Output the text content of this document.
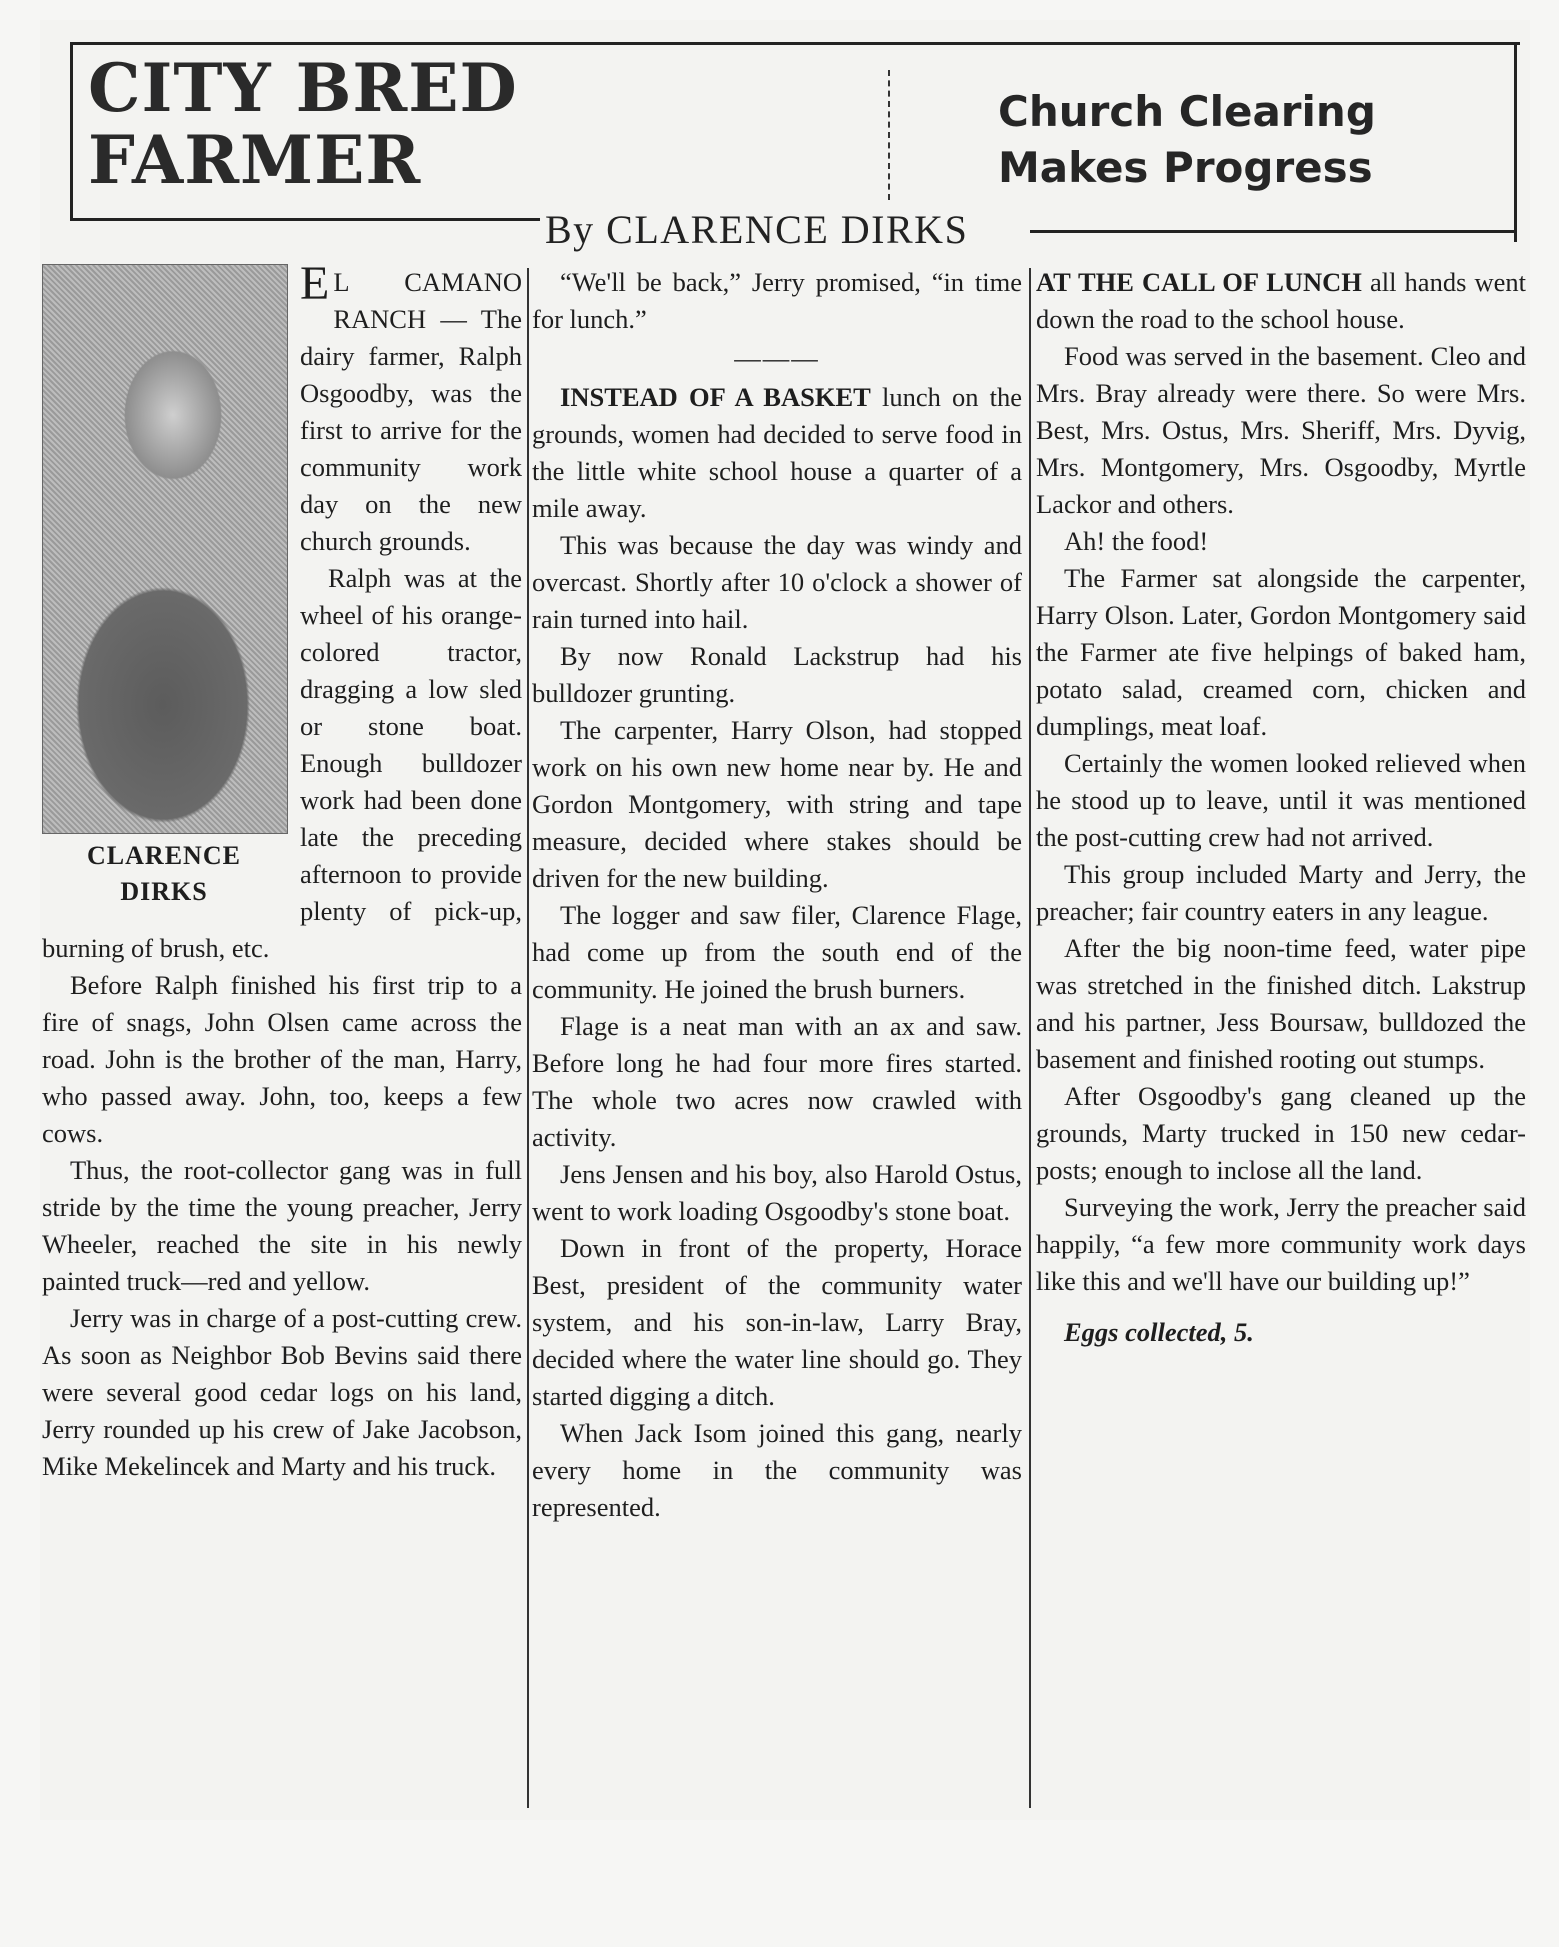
CITY BRED FARMER
Church Clearing Makes Progress
By CLARENCE DIRKS
CLARENCE DIRKS

E L CAMANO RANCH — The dairy farmer, Ralph Osgoodby, was the first to arrive for the community work day on the new church grounds.

Ralph was at the wheel of his orange-colored tractor, dragging a low sled or stone boat. Enough bulldozer work had been done late the preceding afternoon to provide plenty of pick-up, burning of brush, etc.

Before Ralph finished his first trip to a fire of snags, John Olsen came across the road. John is the brother of the man, Harry, who passed away. John, too, keeps a few cows.

Thus, the root-collector gang was in full stride by the time the young preacher, Jerry Wheeler, reached the site in his newly painted truck—red and yellow.

Jerry was in charge of a post-cutting crew. As soon as Neighbor Bob Bevins said there were several good cedar logs on his land, Jerry rounded up his crew of Jake Jacobson, Mike Mekelincek and Marty and his truck.

“We'll be back,” Jerry promised, “in time for lunch.”

———

INSTEAD OF A BASKET lunch on the grounds, women had decided to serve food in the little white school house a quarter of a mile away.

This was because the day was windy and overcast. Shortly after 10 o'clock a shower of rain turned into hail.

By now Ronald Lackstrup had his bulldozer grunting.

The carpenter, Harry Olson, had stopped work on his own new home near by. He and Gordon Montgomery, with string and tape measure, decided where stakes should be driven for the new building.

The logger and saw filer, Clarence Flage, had come up from the south end of the community. He joined the brush burners.

Flage is a neat man with an ax and saw. Before long he had four more fires started. The whole two acres now crawled with activity.

Jens Jensen and his boy, also Harold Ostus, went to work loading Osgoodby's stone boat.

Down in front of the property, Horace Best, president of the community water system, and his son-in-law, Larry Bray, decided where the water line should go. They started digging a ditch.

When Jack Isom joined this gang, nearly every home in the community was represented.

AT THE CALL OF LUNCH all hands went down the road to the school house.

Food was served in the basement. Cleo and Mrs. Bray already were there. So were Mrs. Best, Mrs. Ostus, Mrs. Sheriff, Mrs. Dyvig, Mrs. Montgomery, Mrs. Osgoodby, Myrtle Lackor and others.

Ah! the food!

The Farmer sat alongside the carpenter, Harry Olson. Later, Gordon Montgomery said the Farmer ate five helpings of baked ham, potato salad, creamed corn, chicken and dumplings, meat loaf.

Certainly the women looked relieved when he stood up to leave, until it was mentioned the post-cutting crew had not arrived.

This group included Marty and Jerry, the preacher; fair country eaters in any league.

After the big noon-time feed, water pipe was stretched in the finished ditch. Lakstrup and his partner, Jess Boursaw, bulldozed the basement and finished rooting out stumps.

After Osgoodby's gang cleaned up the grounds, Marty trucked in 150 new cedar-posts; enough to inclose all the land.

Surveying the work, Jerry the preacher said happily, “a few more community work days like this and we'll have our building up!”

Eggs collected, 5.
